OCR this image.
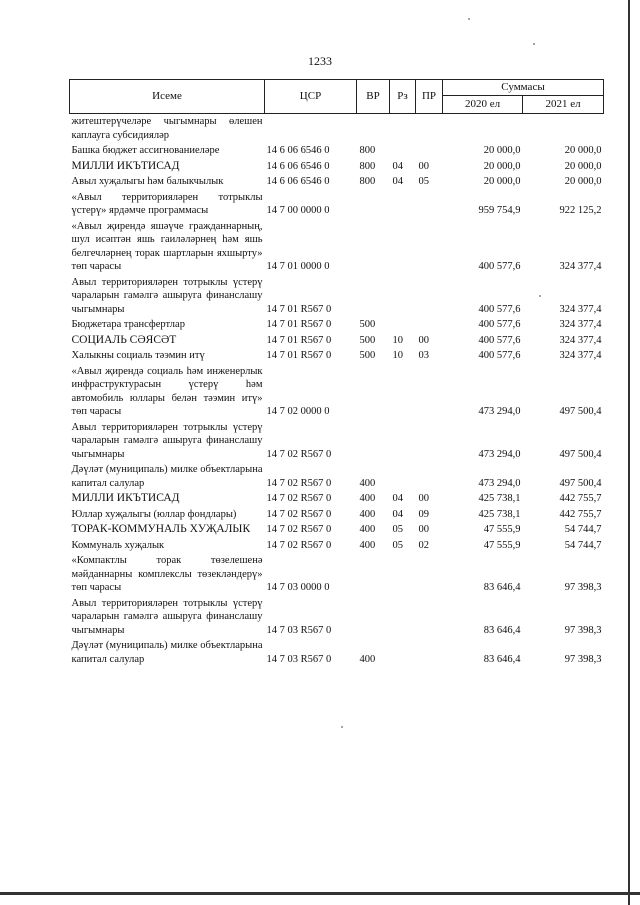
1233
Исеме	ЦСР	ВР	Рз	ПР	Суммасы	
					2020 ел	2021 ел
житештерүчеләре чыгымнары өлешен каплауга субсидияләр						
Башка бюджет ассигнованиеләре	14 6 06 6546 0	800			20 000,0	20 000,0
МИЛЛИ ИКЪТИСАД	14 6 06 6546 0	800	04	00	20 000,0	20 000,0
Авыл хуҗалыгы һәм балыкчылык	14 6 06 6546 0	800	04	05	20 000,0	20 000,0
«Авыл территорияләрен тотрыклы үстерү» ярдәмче программасы	14 7 00 0000 0				959 754,9	922 125,2
«Авыл җирендә яшәүче гражданнарның, шул исәптән яшь гаиләләрнең һәм яшь белгечләрнең торак шартларын яхшырту» төп чарасы	14 7 01 0000 0				400 577,6	324 377,4
Авыл территорияләрен тотрыклы үстерү чараларын гамәлгә ашыруга финанслашу чыгымнары	14 7 01 R567 0				400 577,6	324 377,4
Бюджетара трансфертлар	14 7 01 R567 0	500			400 577,6	324 377,4
СОЦИАЛЬ СӘЯСӘТ	14 7 01 R567 0	500	10	00	400 577,6	324 377,4
Халыкны социаль тәэмин итү	14 7 01 R567 0	500	10	03	400 577,6	324 377,4
«Авыл җирендә социаль һәм инженерлык инфраструктурасын үстерү һәм автомобиль юллары белән тәэмин итү» төп чарасы	14 7 02 0000 0				473 294,0	497 500,4
Авыл территорияләрен тотрыклы үстерү чараларын гамәлгә ашыруга финанслашу чыгымнары	14 7 02 R567 0				473 294,0	497 500,4
Дәүләт (муниципаль) милке объектларына капитал салулар	14 7 02 R567 0	400			473 294,0	497 500,4
МИЛЛИ ИКЪТИСАД	14 7 02 R567 0	400	04	00	425 738,1	442 755,7
Юллар хуҗалыгы (юллар фондлары)	14 7 02 R567 0	400	04	09	425 738,1	442 755,7
ТОРАК-КОММУНАЛЬ ХУҖАЛЫК	14 7 02 R567 0	400	05	00	47 555,9	54 744,7
Коммуналь хуҗалык	14 7 02 R567 0	400	05	02	47 555,9	54 744,7
«Компактлы торак төзелешенә мәйданнарны комплекслы төзекләндерү» төп чарасы	14 7 03 0000 0				83 646,4	97 398,3
Авыл территорияләрен тотрыклы үстерү чараларын гамәлгә ашыруга финанслашу чыгымнары	14 7 03 R567 0				83 646,4	97 398,3
Дәүләт (муниципаль) милке объектларына капитал салулар	14 7 03 R567 0	400			83 646,4	97 398,3
